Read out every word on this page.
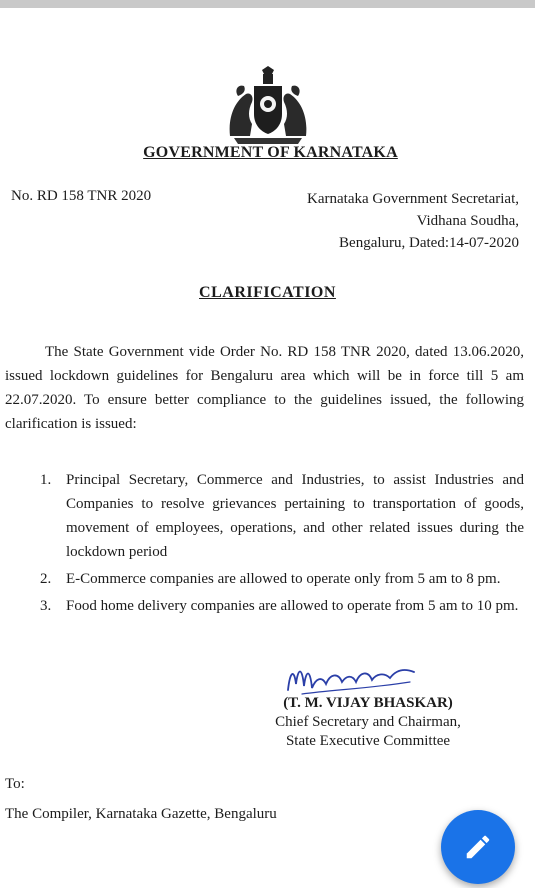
GOVERNMENT OF KARNATAKA
No. RD 158 TNR 2020	Karnataka Government Secretariat,
Vidhana Soudha,
Bengaluru, Dated:14-07-2020
CLARIFICATION

The State Government vide Order No. RD 158 TNR 2020, dated 13.06.2020, issued lockdown guidelines for Bengaluru area which will be in force till 5 am 22.07.2020. To ensure better compliance to the guidelines issued, the following clarification is issued:

1. Principal Secretary, Commerce and Industries, to assist Industries and Companies to resolve grievances pertaining to transportation of goods, movement of employees, operations, and other related issues during the lockdown period
2. E-Commerce companies are allowed to operate only from 5 am to 8 pm.
3. Food home delivery companies are allowed to operate from 5 am to 10 pm.
(T. M. VIJAY BHASKAR)
Chief Secretary and Chairman,
State Executive Committee
To:
The Compiler, Karnataka Gazette, Bengaluru
